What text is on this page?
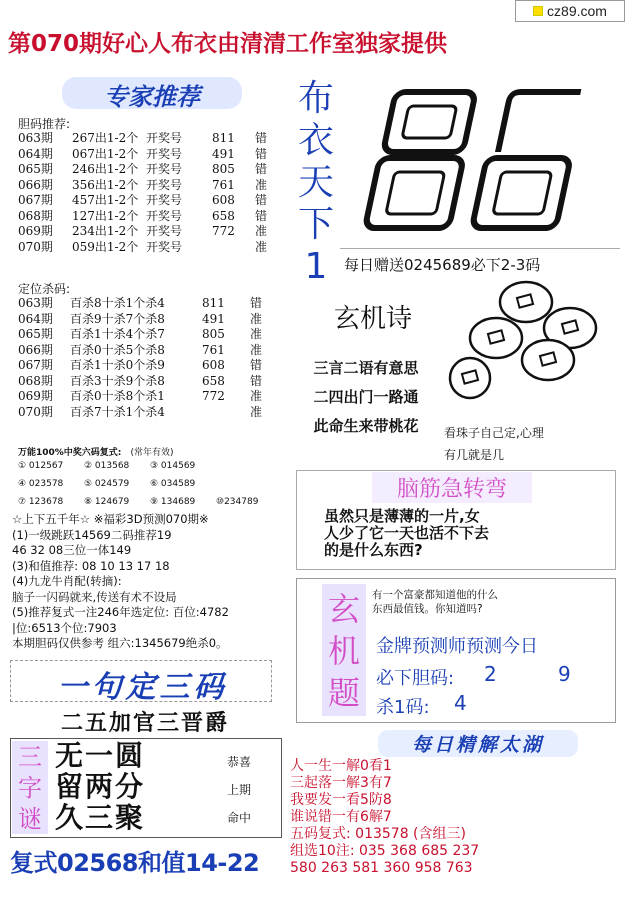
cz89.com
第070期好心人布衣由清清工作室独家提供
专家推荐
胆码推荐:
063期 267出1-2个 开奖号 811 错
064期 067出1-2个 开奖号 491 错
065期 246出1-2个 开奖号 805 错
066期 356出1-2个 开奖号 761 准
067期 457出1-2个 开奖号 608 错
068期 127出1-2个 开奖号 658 错
069期 234出1-2个 开奖号 772 准
070期 059出1-2个 开奖号	准
定位杀码:
063期 百杀8十杀1个杀4	811 错
064期 百杀9十杀7个杀8	491 准
065期 百杀1十杀4个杀7	805 准
066期 百杀0十杀5个杀8	761 准
067期 百杀1十杀0个杀9	608 错
068期 百杀3十杀9个杀8	658 错
069期 百杀0十杀8个杀1	772 准
070期 百杀7十杀1个杀4	准
万能100%中奖六码复式: (常年有效)
① 012567 ② 013568 ③ 014569
④ 023578 ⑤ 024579 ⑥ 034589
⑦ 123678 ⑧ 124679 ⑨ 134689 ⑩234789
☆上下五千年☆ ※福彩3D预测070期※
(1)一级跳跃14569二码推荐19
46 32 08三位一体149
(3)和值推荐: 08 10 13 17 18
(4)九龙牛肖配(转摘):
脑子一闪码就来,传送有术不设局
(5)推荐复式一注246年选定位: 百位:4782
|位:6513个位:7903
本期胆码仅供参考 组六:1345679绝杀0。
一句定三码
二五加官三晋爵
三
字
谜
无一圆
留两分
久三聚
恭喜
上期
命中
复式02568和值14-22
布
衣
天
下
1	每日赠送0245689必下2-3码
玄机诗
三言二语有意思
二四出门一路通
此命生来带桃花	看珠子自己定,心理
有几就是几
脑筋急转弯
虽然只是薄薄的一片,女
人少了它一天也活不下去
的是什么东西?
玄
机
题
有一个富豪都知道他的什么
东西最值钱。你知道吗?
金牌预测师预测今日
必下胆码: 2	9
杀1码: 4
每日精解太湖
人一生一解0看1
三起落一解3有7
我要发一看5防8
谁说错一有6解7
五码复式: 013578 (含组三)
组选10注: 035 368 685 237
580 263 581 360 958 763
